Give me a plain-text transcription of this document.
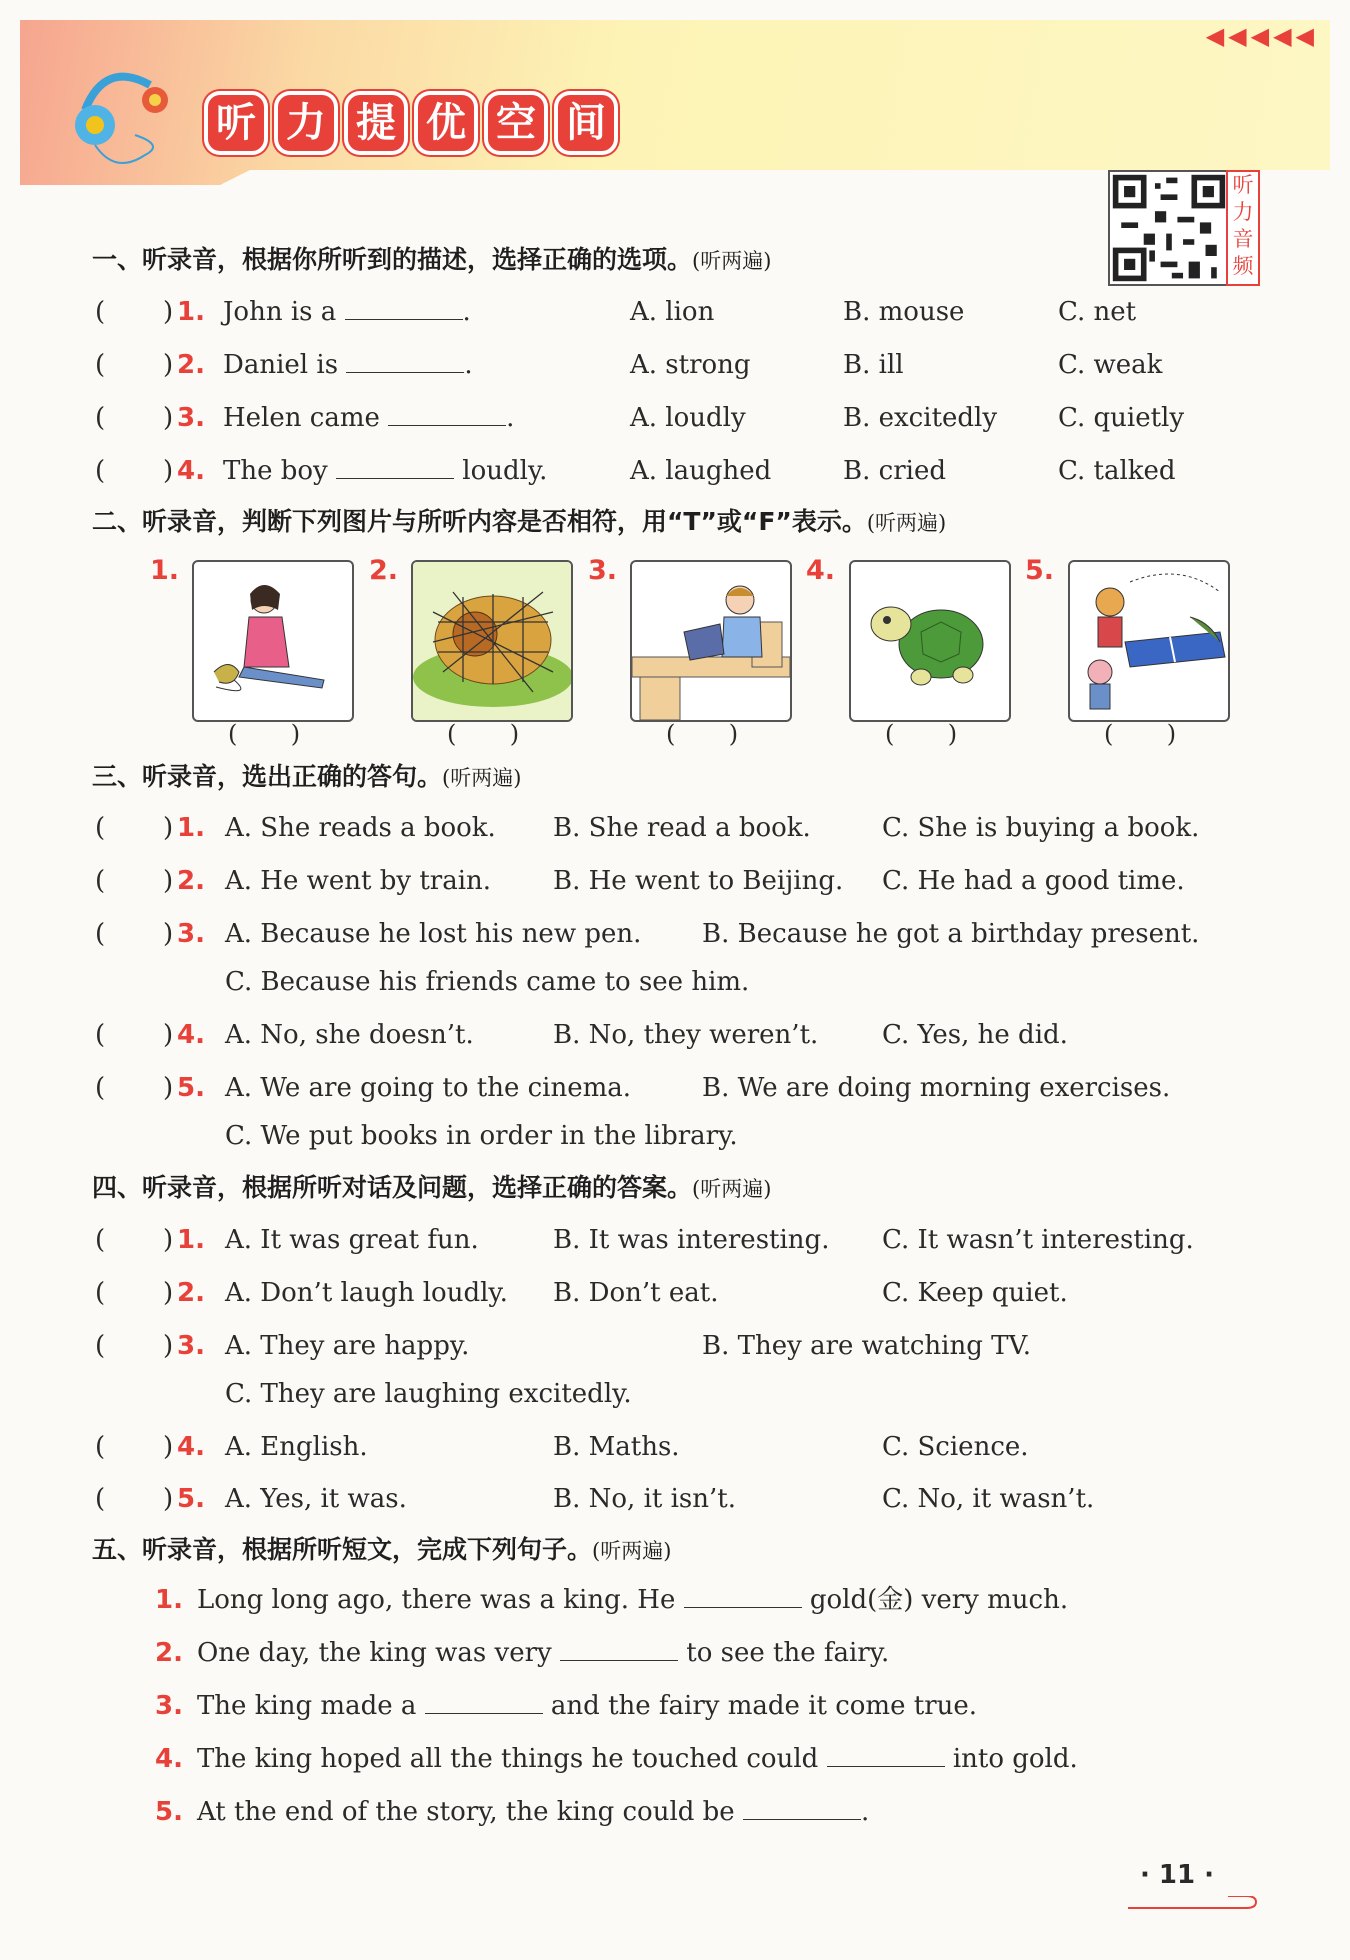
◀◀◀◀◀
听 力 提 优 空 间
听力音频
一、听录音，根据你所听到的描述，选择正确的选项。(听两遍)
( ) 1. John is a	.	A. lion	B. mouse	C. net
( ) 2. Daniel is	.	A. strong	B. ill	C. weak
( ) 3. Helen came	.	A. loudly	B. excitedly C. quietly
( ) 4. The boy	loudly.	A. laughed	B. cried	C. talked
二、听录音，判断下列图片与所听内容是否相符，用“T”或“F”表示。(听两遍)
1.	2.	3.	4.	5.
( )	( )	( )	( )	( )
三、听录音，选出正确的答句。(听两遍)
( ) 1. A. She reads a book. B. She read a book.	C. She is buying a book.
( ) 2. A. He went by train. B. He went to Beijing. C. He had a good time.
( ) 3. A. Because he lost his new pen. B. Because he got a birthday present.
C. Because his friends came to see him.
( ) 4. A. No, she doesn’t.	B. No, they weren’t. C. Yes, he did.
( ) 5. A. We are going to the cinema.	B. We are doing morning exercises.
C. We put books in order in the library.
四、听录音，根据所听对话及问题，选择正确的答案。(听两遍)
( ) 1. A. It was great fun.	B. It was interesting. C. It wasn’t interesting.
( ) 2. A. Don’t laugh loudly. B. Don’t eat.	C. Keep quiet.
( ) 3. A. They are happy.	B. They are watching TV.
C. They are laughing excitedly.
( ) 4. A. English.	B. Maths.	C. Science.
( ) 5. A. Yes, it was.	B. No, it isn’t.	C. No, it wasn’t.
五、听录音，根据所听短文，完成下列句子。(听两遍)
1. Long long ago, there was a king. He	gold(金) very much.
2. One day, the king was very	to see the fairy.
3. The king made a	and the fairy made it come true.
4. The king hoped all the things he touched could	into gold.
5. At the end of the story, the king could be	.
· 11 ·
